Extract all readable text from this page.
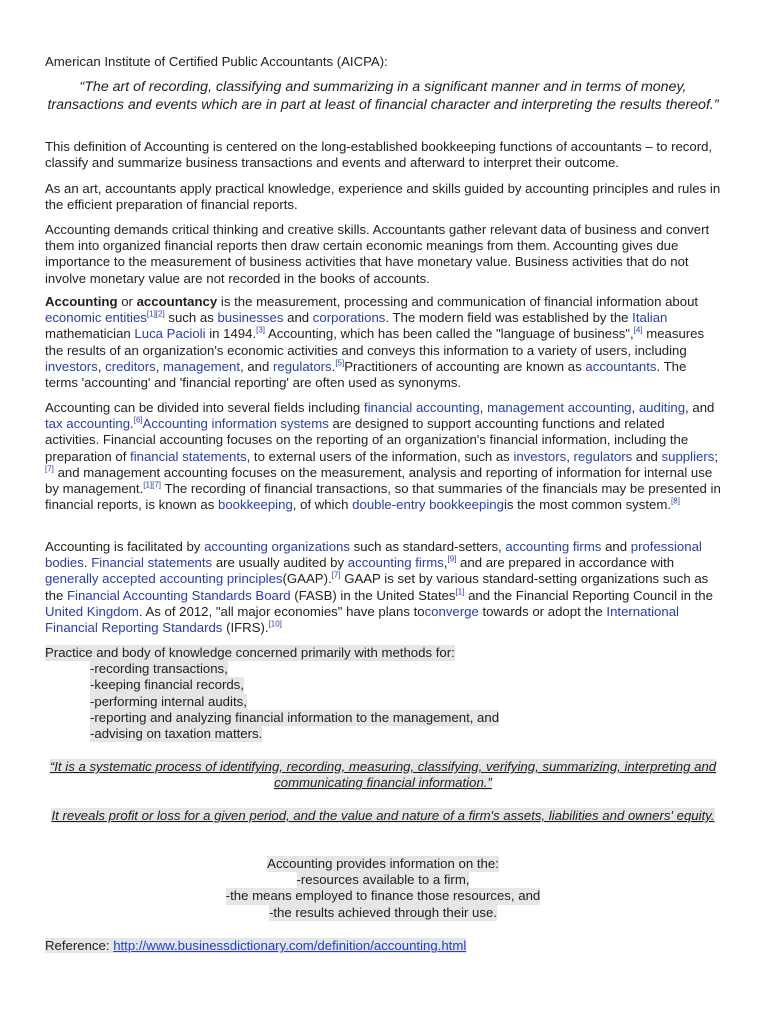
American Institute of Certified Public Accountants (AICPA):

“The art of recording, classifying and summarizing in a significant manner and in terms of money, transactions and events which are in part at least of financial character and interpreting the results thereof.”

This definition of Accounting is centered on the long-established bookkeeping functions of accountants – to record, classify and summarize business transactions and events and afterward to interpret their outcome.

As an art, accountants apply practical knowledge, experience and skills guided by accounting principles and rules in the efficient preparation of financial reports.

Accounting demands critical thinking and creative skills. Accountants gather relevant data of business and convert them into organized financial reports then draw certain economic meanings from them. Accounting gives due importance to the measurement of business activities that have monetary value. Business activities that do not involve monetary value are not recorded in the books of accounts.

Accounting or accountancy is the measurement, processing and communication of financial information about economic entities[1][2] such as businesses and corporations. The modern field was established by the Italian mathematician Luca Pacioli in 1494.[3] Accounting, which has been called the "language of business",[4] measures the results of an organization's economic activities and conveys this information to a variety of users, including investors, creditors, management, and regulators.[5]Practitioners of accounting are known as accountants. The terms 'accounting' and 'financial reporting' are often used as synonyms.

Accounting can be divided into several fields including financial accounting, management accounting, auditing, and tax accounting.[6]Accounting information systems are designed to support accounting functions and related activities. Financial accounting focuses on the reporting of an organization's financial information, including the preparation of financial statements, to external users of the information, such as investors, regulators and suppliers;[7] and management accounting focuses on the measurement, analysis and reporting of information for internal use by management.[1][7] The recording of financial transactions, so that summaries of the financials may be presented in financial reports, is known as bookkeeping, of which double-entry bookkeepingis the most common system.[8]

Accounting is facilitated by accounting organizations such as standard-setters, accounting firms and professional bodies. Financial statements are usually audited by accounting firms,[9] and are prepared in accordance with generally accepted accounting principles(GAAP).[7] GAAP is set by various standard-setting organizations such as the Financial Accounting Standards Board (FASB) in the United States[1] and the Financial Reporting Council in the United Kingdom. As of 2012, "all major economies" have plans toconverge towards or adopt the International Financial Reporting Standards (IFRS).[10]

Practice and body of knowledge concerned primarily with methods for:
-recording transactions,
-keeping financial records,
-performing internal audits,
-reporting and analyzing financial information to the management, and
-advising on taxation matters.

“It is a systematic process of identifying, recording, measuring, classifying, verifying, summarizing, interpreting and communicating financial information.”

It reveals profit or loss for a given period, and the value and nature of a firm's assets, liabilities and owners' equity.

Accounting provides information on the:
-resources available to a firm,
-the means employed to finance those resources, and
-the results achieved through their use.

Reference: http://www.businessdictionary.com/definition/accounting.html
